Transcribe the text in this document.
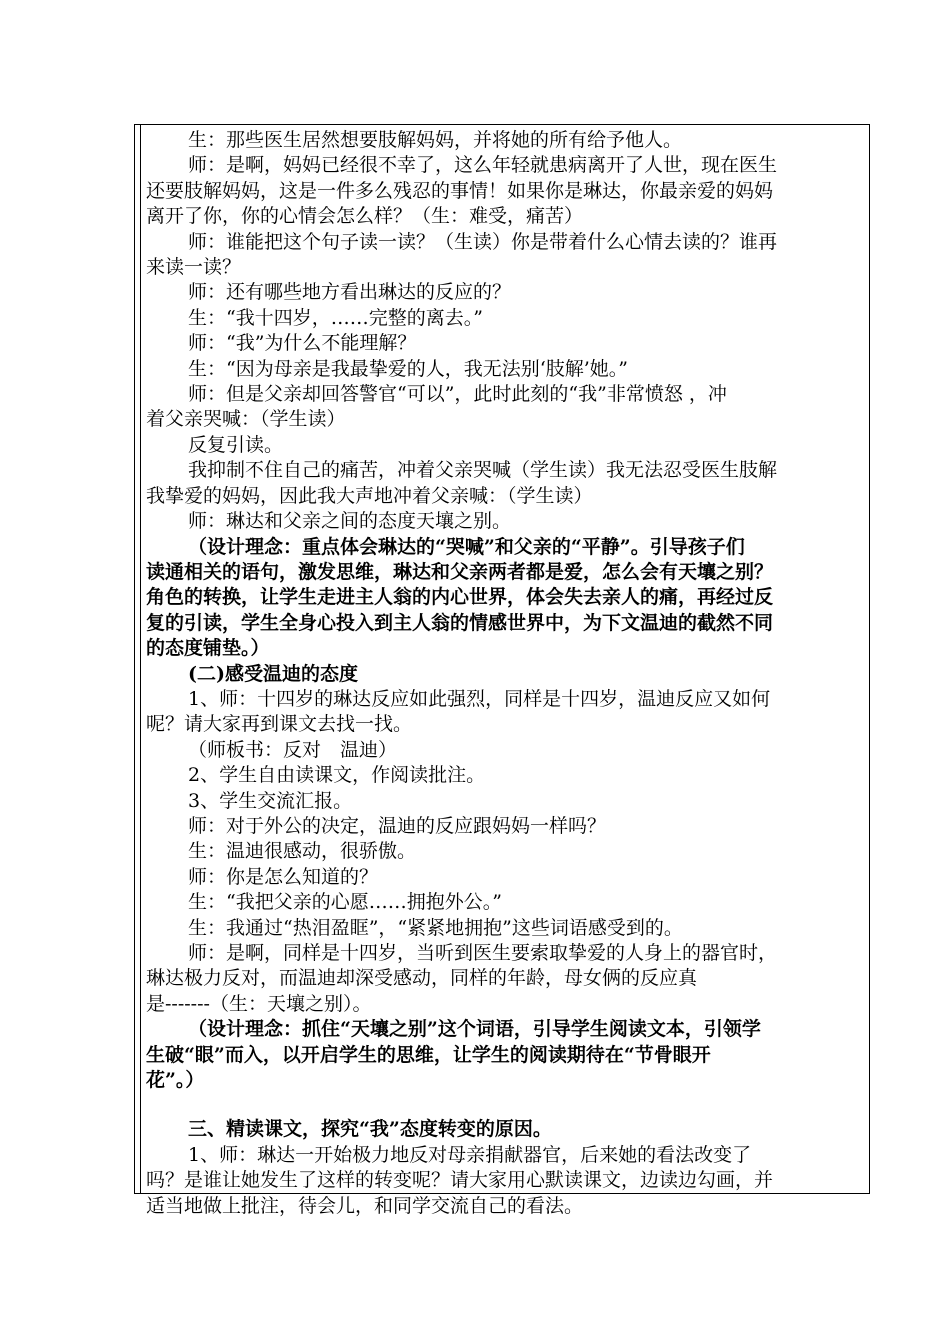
生：那些医生居然想要肢解妈妈，并将她的所有给予他人。

师：是啊，妈妈已经很不幸了，这么年轻就患病离开了人世，现在医生

还要肢解妈妈，这是一件多么残忍的事情！如果你是琳达，你最亲爱的妈妈

离开了你，你的心情会怎么样？（生：难受，痛苦）

师：谁能把这个句子读一读？（生读）你是带着什么心情去读的？谁再

来读一读？

师：还有哪些地方看出琳达的反应的？

生：“我十四岁，……完整的离去。”

师：“我”为什么不能理解？

生：“因为母亲是我最挚爱的人，我无法别‘肢解’她。”

师：但是父亲却回答警官“可以”，此时此刻的“我”非常愤怒 ，冲

着父亲哭喊：（学生读）

反复引读。

我抑制不住自己的痛苦，冲着父亲哭喊（学生读）我无法忍受医生肢解

我挚爱的妈妈，因此我大声地冲着父亲喊：（学生读）

师：琳达和父亲之间的态度天壤之别。

（设计理念：重点体会琳达的“哭喊”和父亲的“平静”。引导孩子们

读通相关的语句，激发思维，琳达和父亲两者都是爱，怎么会有天壤之别？

角色的转换，让学生走进主人翁的内心世界，体会失去亲人的痛，再经过反

复的引读，学生全身心投入到主人翁的情感世界中，为下文温迪的截然不同

的态度铺垫。）

(二)感受温迪的态度

1、师：十四岁的琳达反应如此强烈，同样是十四岁，温迪反应又如何

呢？请大家再到课文去找一找。

（师板书：反对　温迪）

2、学生自由读课文，作阅读批注。

3、学生交流汇报。

师：对于外公的决定，温迪的反应跟妈妈一样吗？

生：温迪很感动，很骄傲。

师：你是怎么知道的？

生：“我把父亲的心愿……拥抱外公。”

生：我通过“热泪盈眶”，“紧紧地拥抱”这些词语感受到的。

师：是啊，同样是十四岁，当听到医生要索取挚爱的人身上的器官时，

琳达极力反对，而温迪却深受感动，同样的年龄，母女俩的反应真

是-------（生：天壤之别）。

（设计理念：抓住“天壤之别”这个词语，引导学生阅读文本，引领学

生破“眼”而入，以开启学生的思维，让学生的阅读期待在“节骨眼开

花”。）

三、精读课文，探究“我”态度转变的原因。

1、师：琳达一开始极力地反对母亲捐献器官，后来她的看法改变了

吗？是谁让她发生了这样的转变呢？请大家用心默读课文，边读边勾画，并

适当地做上批注，待会儿，和同学交流自己的看法。
